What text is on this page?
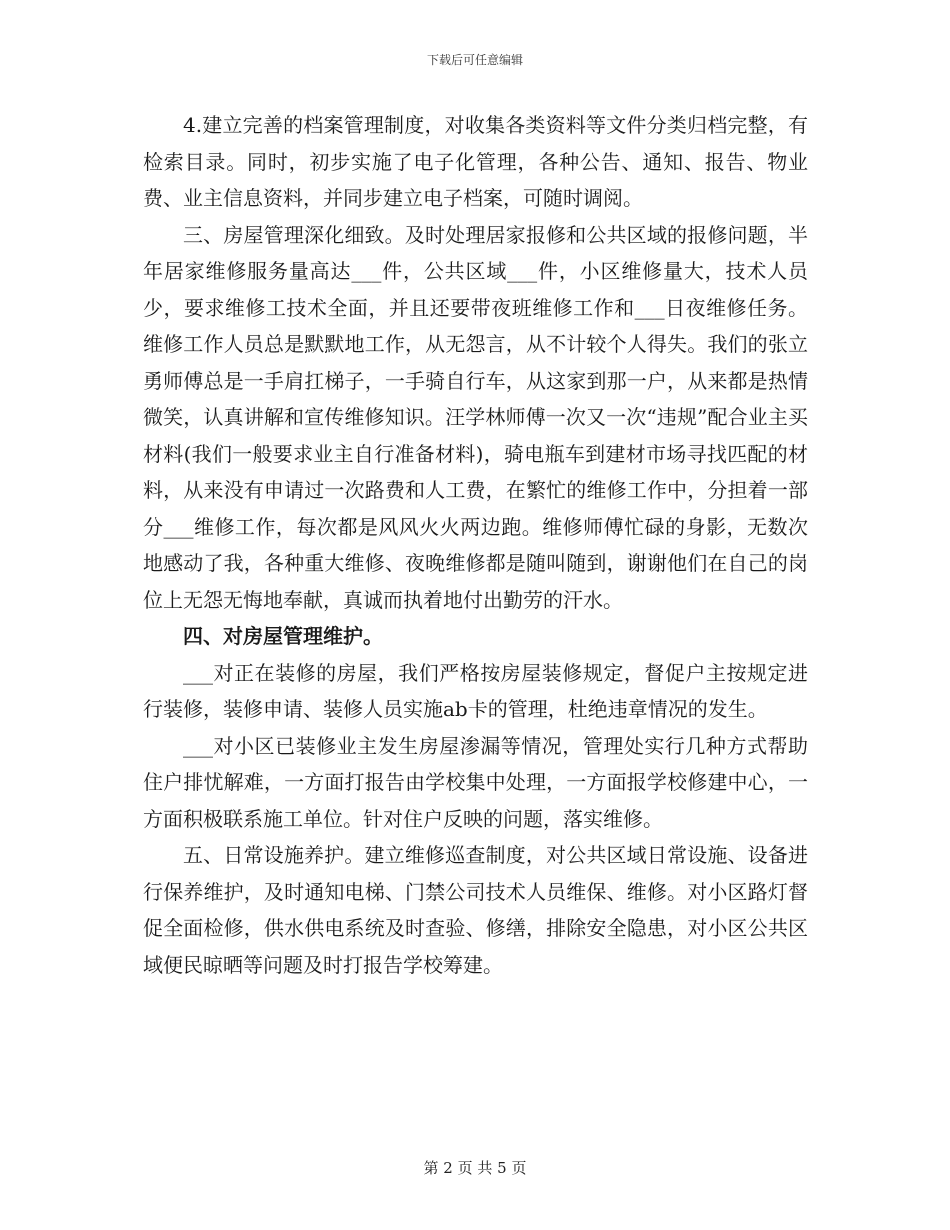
下载后可任意编辑

4.建立完善的档案管理制度，对收集各类资料等文件分类归档完整，有检索目录。同时，初步实施了电子化管理，各种公告、通知、报告、物业费、业主信息资料，并同步建立电子档案，可随时调阅。

三、房屋管理深化细致。及时处理居家报修和公共区域的报修问题，半年居家维修服务量高达___件，公共区域___件，小区维修量大，技术人员少，要求维修工技术全面，并且还要带夜班维修工作和___日夜维修任务。维修工作人员总是默默地工作，从无怨言，从不计较个人得失。我们的张立勇师傅总是一手肩扛梯子，一手骑自行车，从这家到那一户，从来都是热情微笑，认真讲解和宣传维修知识。汪学林师傅一次又一次“违规”配合业主买材料(我们一般要求业主自行准备材料)，骑电瓶车到建材市场寻找匹配的材料，从来没有申请过一次路费和人工费，在繁忙的维修工作中，分担着一部分___维修工作，每次都是风风火火两边跑。维修师傅忙碌的身影，无数次地感动了我，各种重大维修、夜晚维修都是随叫随到，谢谢他们在自己的岗位上无怨无悔地奉献，真诚而执着地付出勤劳的汗水。

四、对房屋管理维护。

___对正在装修的房屋，我们严格按房屋装修规定，督促户主按规定进行装修，装修申请、装修人员实施ab卡的管理，杜绝违章情况的发生。

___对小区已装修业主发生房屋渗漏等情况，管理处实行几种方式帮助住户排忧解难，一方面打报告由学校集中处理，一方面报学校修建中心，一方面积极联系施工单位。针对住户反映的问题，落实维修。

五、日常设施养护。建立维修巡查制度，对公共区域日常设施、设备进行保养维护，及时通知电梯、门禁公司技术人员维保、维修。对小区路灯督促全面检修，供水供电系统及时查验、修缮，排除安全隐患，对小区公共区域便民晾晒等问题及时打报告学校筹建。

第 2 页 共 5 页
